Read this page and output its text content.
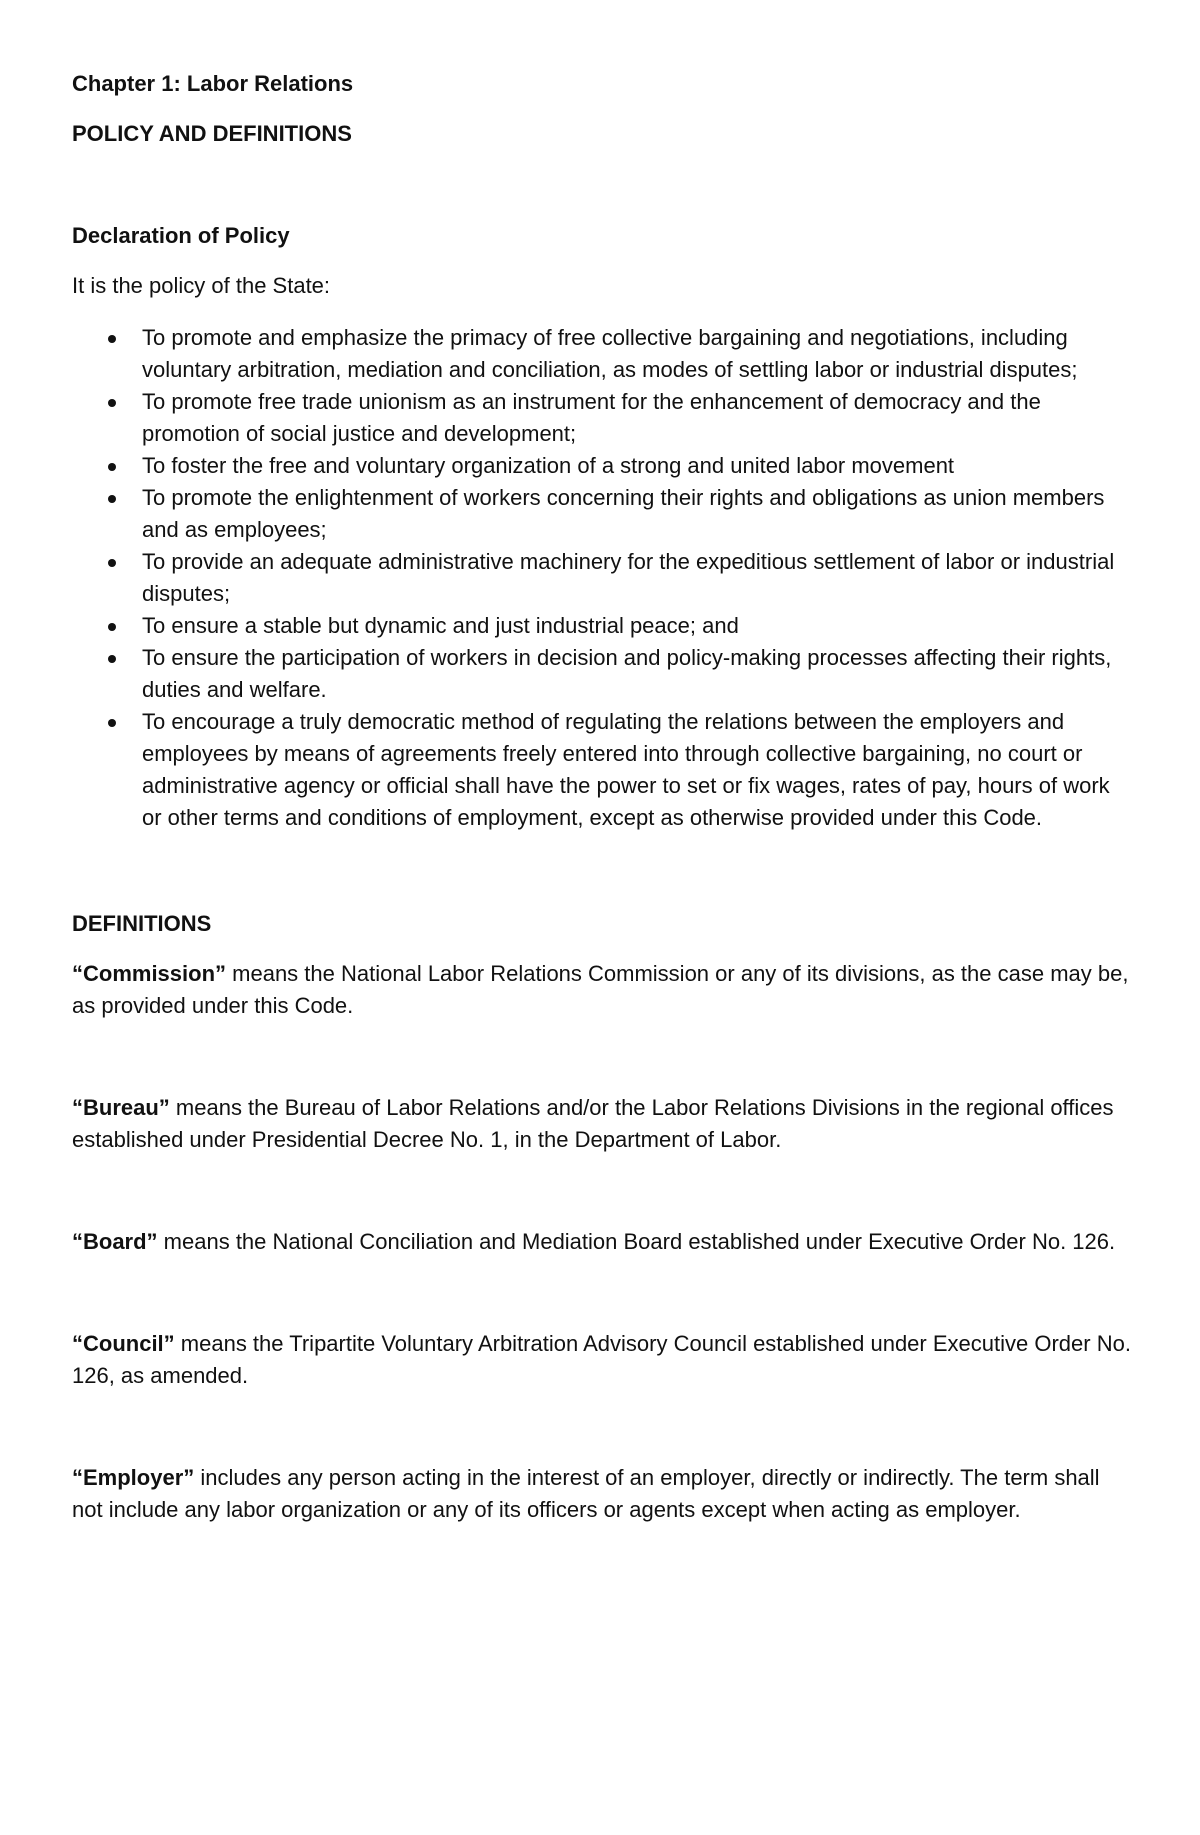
Chapter 1: Labor Relations
POLICY AND DEFINITIONS
Declaration of Policy

It is the policy of the State:

To promote and emphasize the primacy of free collective bargaining and negotiations, including voluntary arbitration, mediation and conciliation, as modes of settling labor or industrial disputes;
To promote free trade unionism as an instrument for the enhancement of democracy and the promotion of social justice and development;
To foster the free and voluntary organization of a strong and united labor movement
To promote the enlightenment of workers concerning their rights and obligations as union members and as employees;
To provide an adequate administrative machinery for the expeditious settlement of labor or industrial disputes;
To ensure a stable but dynamic and just industrial peace; and
To ensure the participation of workers in decision and policy-making processes affecting their rights, duties and welfare.
To encourage a truly democratic method of regulating the relations between the employers and employees by means of agreements freely entered into through collective bargaining, no court or administrative agency or official shall have the power to set or fix wages, rates of pay, hours of work or other terms and conditions of employment, except as otherwise provided under this Code.
DEFINITIONS

“Commission” means the National Labor Relations Commission or any of its divisions, as the case may be, as provided under this Code.

“Bureau” means the Bureau of Labor Relations and/or the Labor Relations Divisions in the regional offices established under Presidential Decree No. 1, in the Department of Labor.

“Board” means the National Conciliation and Mediation Board established under Executive Order No. 126.

“Council” means the Tripartite Voluntary Arbitration Advisory Council established under Executive Order No. 126, as amended.

“Employer” includes any person acting in the interest of an employer, directly or indirectly. The term shall not include any labor organization or any of its officers or agents except when acting as employer.
